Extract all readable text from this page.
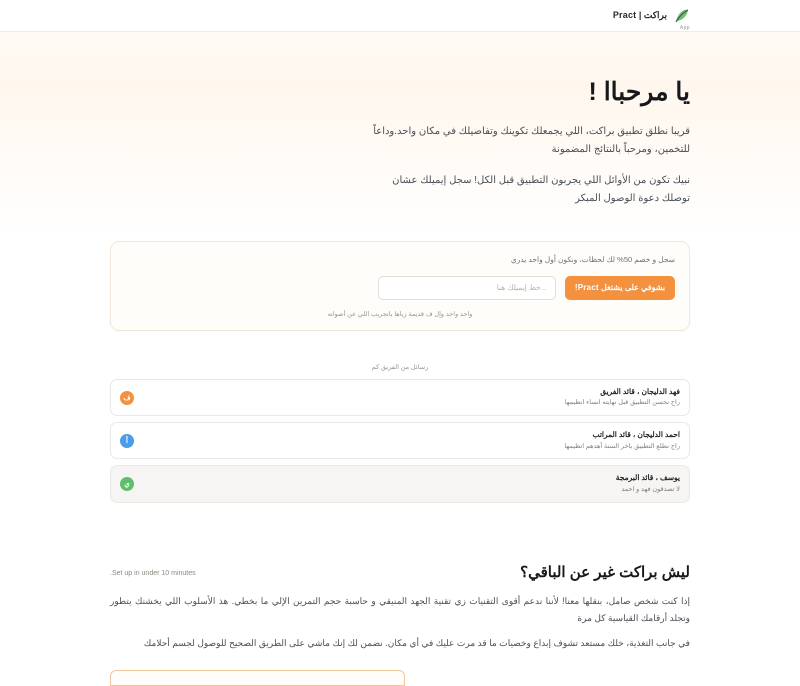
App
براكت | Pract
يا مرحباا !

قريبا نطلق تطبيق براكت، اللي يجمعلك تكوينك وتفاصيلك في مكان واحد.وداعاً للتخمين، ومرحباً بالنتائج المضمونة

نبيك تكون من الأوائل اللي يجربون التطبيق قبل الكل! سجل إيميلك عشان توصلك دعوة الوصول المبكر

سجل و خصم 50% لك لحظات، ونكون أول واحد يدري
...حط إيميلك هنا
بشوفي على يشتغل Pract!
واحد واحد وإل ف قديمة زياها باتجريب اللي عن أصواته
رسائل من الفريق كم
ف
فهد الدليجان ، قائد الفريق
راح نحسن التطبيق قبل نهايته انساء انظيمها
أ
احمد الدليجان ، قائد المراتب
راح نطلع التطبيق باخر السنة أهدهم انظيمها
ي
يوسف ، قائد البرمجة
لا تصدقون فهد و احمد
ليش براكت غير عن الباقي؟

إذا كنت شخص صامل، بنقلها معنا! لأننا ندعم أقوى التقنيات زي تقنية الجهد المنيقي و حاسبة حجم التمرين الإلي ما بخطي. هذ الأسلوب اللي يخشنك يتطور وتجلد أرقامك القياسية كل مرة

في جانب التغذية، خلك مستعد تشوف إبداع وخصيات ما قد مرت عليك في أي مكان. نضمن لك إنك ماشي على الطريق الصحيح للوصول لجسم أحلامك

Set up in under 10 minutes.
